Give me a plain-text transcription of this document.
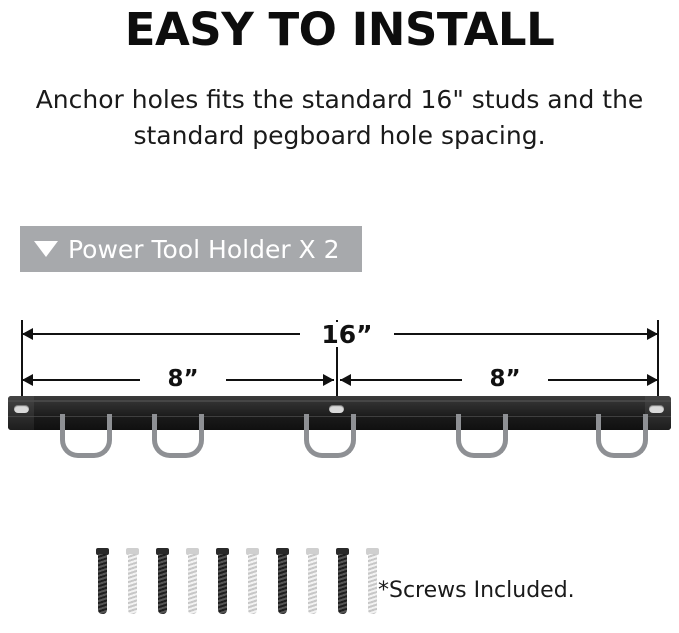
EASY TO INSTALL
Anchor holes fits the standard 16" studs and the standard pegboard hole spacing.
Power Tool Holder X 2
16”
8”	8”
*Screws Included.
